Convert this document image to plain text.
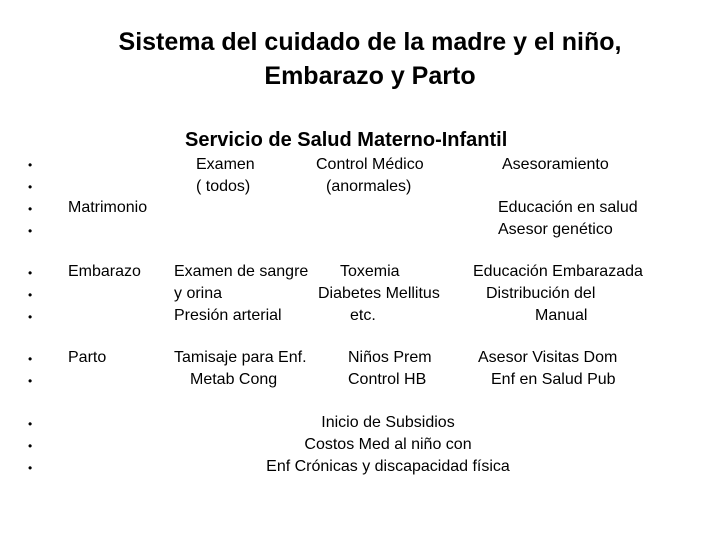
Sistema del cuidado de la madre y el niño,
Embarazo y Parto
Servicio de Salud Materno-Infantil
•
•
•
•
•
•
•
•
•
•
•
•
Matrimonio
Examen
( todos)
Control Médico
(anormales)
Asesoramiento
Educación en salud
Asesor genético
Embarazo Examen de sangre
y orina
Presión arterial
Toxemia
Diabetes Mellitus
etc.
Educación Embarazada
Distribución del
Manual
Parto	Tamisaje para Enf.
Metab Cong
Niños Prem
Control HB
Asesor Visitas Dom
Enf en Salud Pub
Inicio de Subsidios
Costos Med al niño con
Enf Crónicas y discapacidad física
